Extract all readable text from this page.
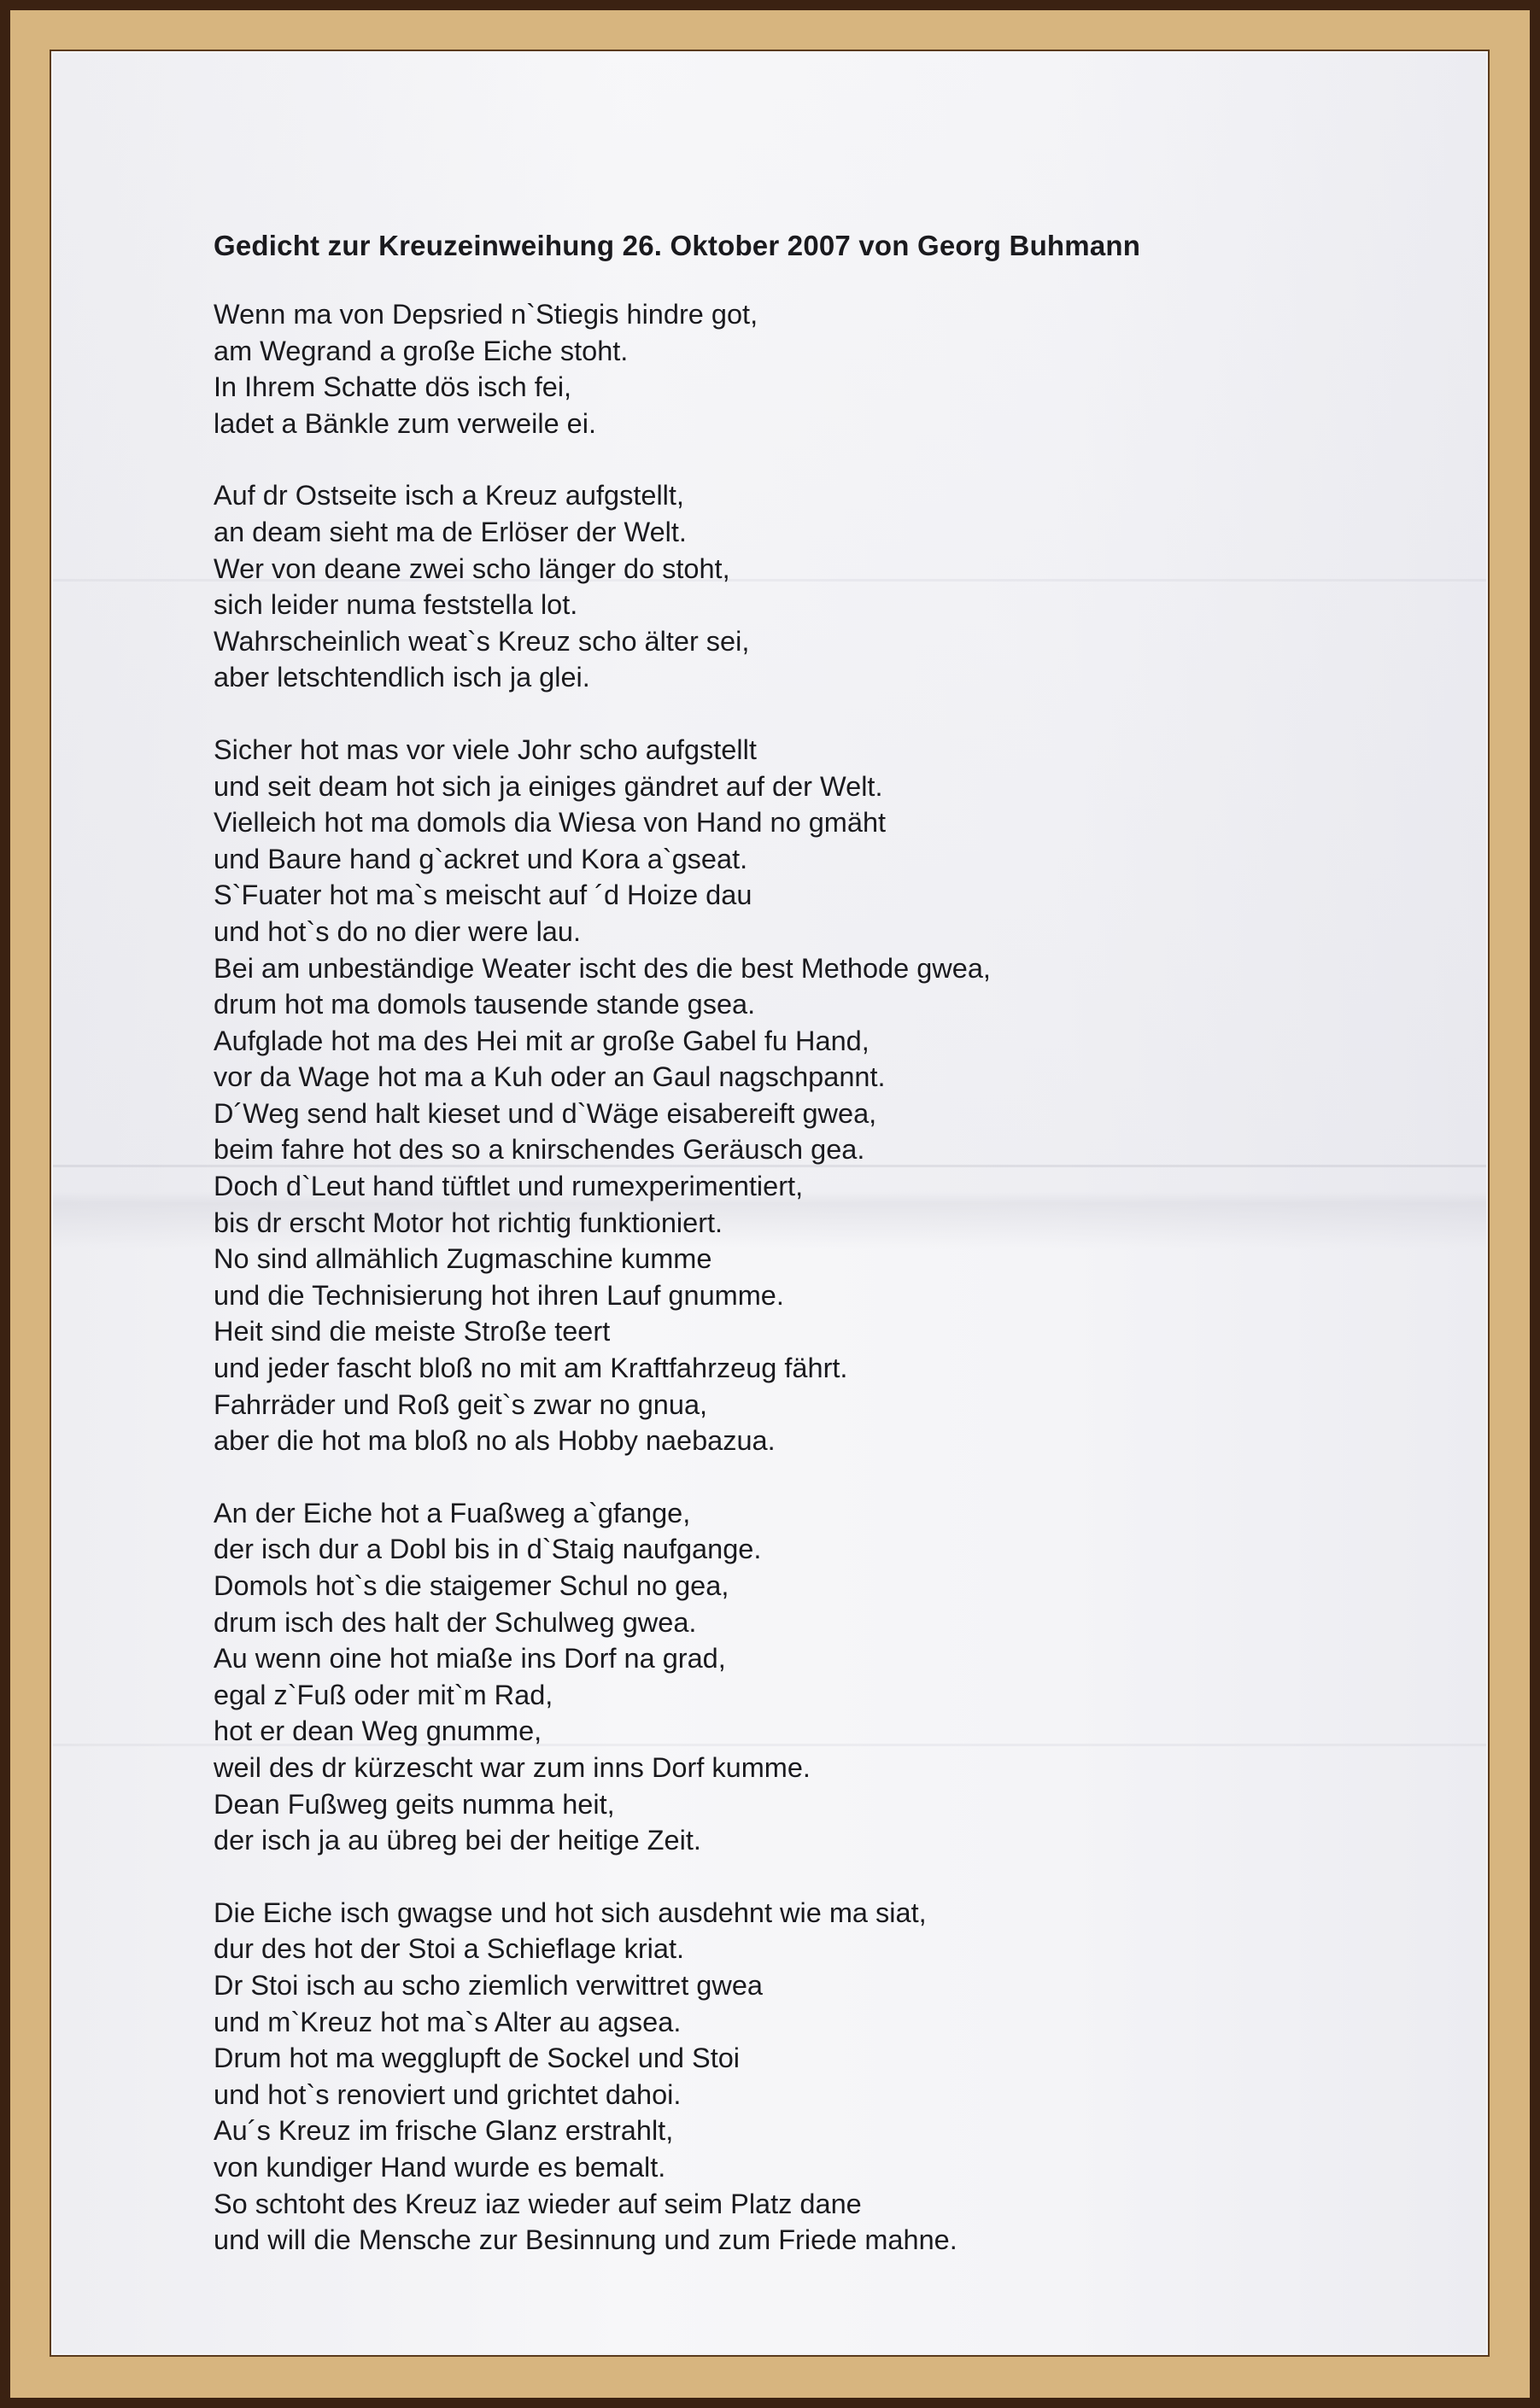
Gedicht zur Kreuzeinweihung 26. Oktober 2007 von Georg Buhmann
Wenn ma von Depsried n`Stiegis hindre got,
am Wegrand a große Eiche stoht.
In Ihrem Schatte dös isch fei,
ladet a Bänkle zum verweile ei.
Auf dr Ostseite isch a Kreuz aufgstellt,
an deam sieht ma de Erlöser der Welt.
Wer von deane zwei scho länger do stoht,
sich leider numa feststella lot.
Wahrscheinlich weat`s Kreuz scho älter sei,
aber letschtendlich isch ja glei.
Sicher hot mas vor viele Johr scho aufgstellt
und seit deam hot sich ja einiges gändret auf der Welt.
Vielleich hot ma domols dia Wiesa von Hand no gmäht
und Baure hand g`ackret und Kora a`gseat.
S`Fuater hot ma`s meischt auf ´d Hoize dau
und hot`s do no dier were lau.
Bei am unbeständige Weater ischt des die best Methode gwea,
drum hot ma domols tausende stande gsea.
Aufglade hot ma des Hei mit ar große Gabel fu Hand,
vor da Wage hot ma a Kuh oder an Gaul nagschpannt.
D´Weg send halt kieset und d`Wäge eisabereift gwea,
beim fahre hot des so a knirschendes Geräusch gea.
Doch d`Leut hand tüftlet und rumexperimentiert,
bis dr erscht Motor hot richtig funktioniert.
No sind allmählich Zugmaschine kumme
und die Technisierung hot ihren Lauf gnumme.
Heit sind die meiste Stroße teert
und jeder fascht bloß no mit am Kraftfahrzeug fährt.
Fahrräder und Roß geit`s zwar no gnua,
aber die hot ma bloß no als Hobby naebazua.
An der Eiche hot a Fuaßweg a`gfange,
der isch dur a Dobl bis in d`Staig naufgange.
Domols hot`s die staigemer Schul no gea,
drum isch des halt der Schulweg gwea.
Au wenn oine hot miaße ins Dorf na grad,
egal z`Fuß oder mit`m Rad,
hot er dean Weg gnumme,
weil des dr kürzescht war zum inns Dorf kumme.
Dean Fußweg geits numma heit,
der isch ja au übreg bei der heitige Zeit.
Die Eiche isch gwagse und hot sich ausdehnt wie ma siat,
dur des hot der Stoi a Schieflage kriat.
Dr Stoi isch au scho ziemlich verwittret gwea
und m`Kreuz hot ma`s Alter au agsea.
Drum hot ma wegglupft de Sockel und Stoi
und hot`s renoviert und grichtet dahoi.
Au´s Kreuz im frische Glanz erstrahlt,
von kundiger Hand wurde es bemalt.
So schtoht des Kreuz iaz wieder auf seim Platz dane
und will die Mensche zur Besinnung und zum Friede mahne.
